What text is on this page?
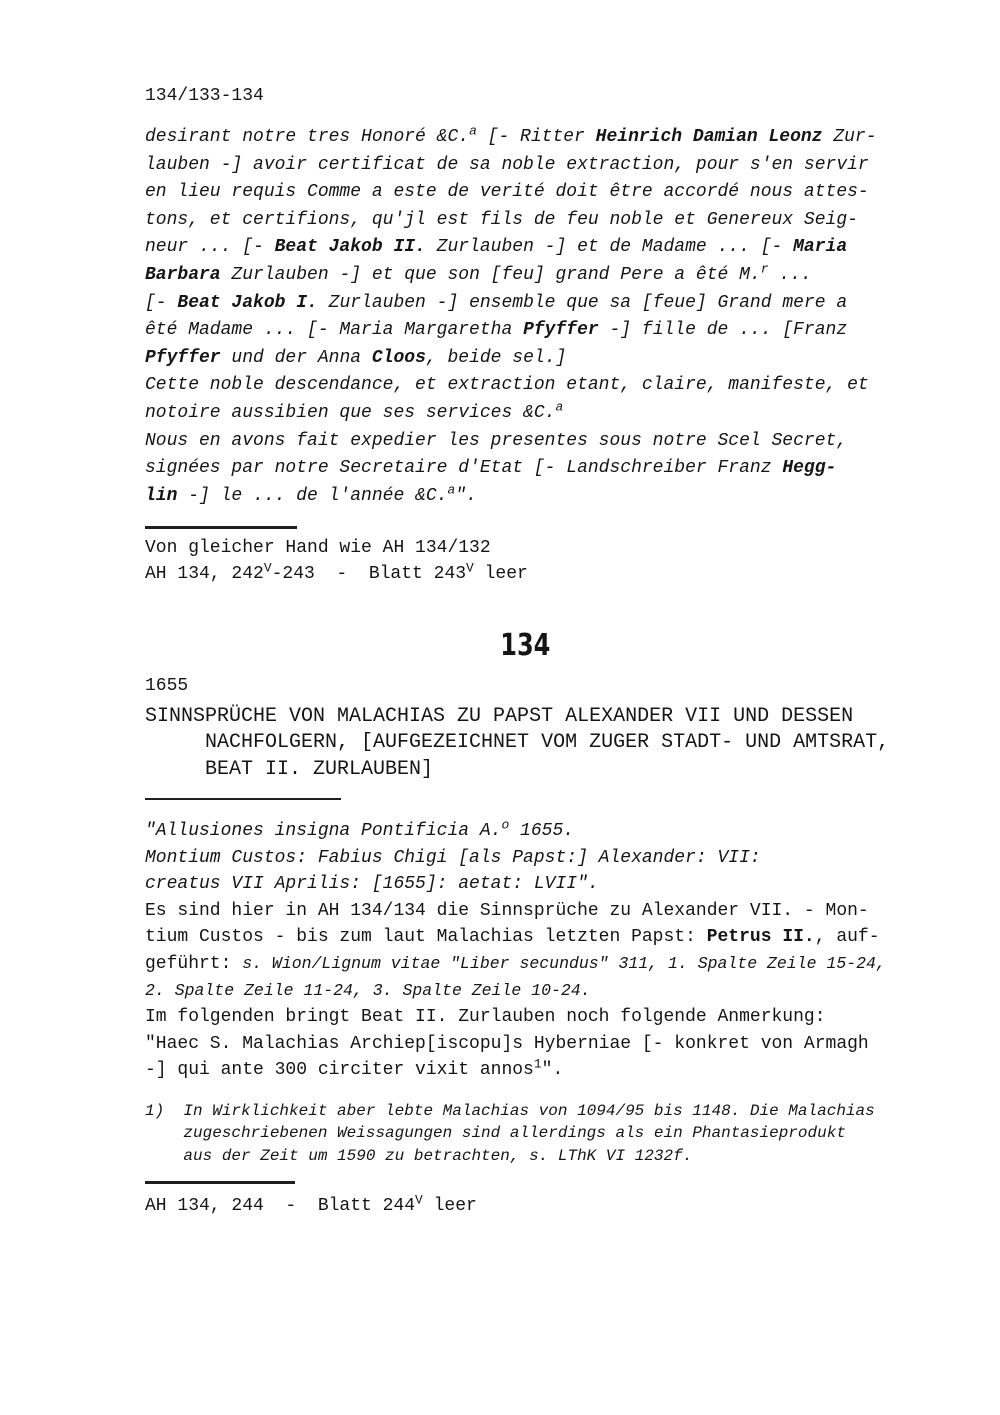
134/133-134
desirant notre tres Honoré &C.$^a$ [- Ritter Heinrich Damian Leonz Zur-
lauben -] avoir certificat de sa noble extraction, pour s'en servir
en lieu requis Comme a este de verité doit être accordé nous attes-
tons, et certifions, qu'jl est fils de feu noble et Genereux Seig-
neur ... [- Beat Jakob II. Zurlauben -] et de Madame ... [- Maria
Barbara Zurlauben -] et que son [feu] grand Pere a êté M.$^r$ ...
[- Beat Jakob I. Zurlauben -] ensemble que sa [feue] Grand mere a
êté Madame ... [- Maria Margaretha Pfyffer -] fille de ... [Franz
Pfyffer und der Anna Cloos, beide sel.]
Cette noble descendance, et extraction etant, claire, manifeste, et
notoire aussibien que ses services &C.$^a$
Nous en avons fait expedier les presentes sous notre Scel Secret,
signées par notre Secretaire d'Etat [- Landschreiber Franz Hegg-
lin -] le ... de l'année &C.$^a$".
Von gleicher Hand wie AH 134/132
AH 134, $242^V-243$  -  Blatt $243^V$ leer
134
1655
SINNSPRÜCHE VON MALACHIAS ZU PAPST ALEXANDER VII UND DESSEN
NACHFOLGERN, [AUFGEZEICHNET VOM ZUGER STADT- UND AMTSRAT,
BEAT II. ZURLAUBEN]
"Allusiones insigna Pontificia A.$^o$ 1655.
Montium Custos: Fabius Chigi [als Papst:] Alexander: VII:
creatus VII Aprilis: [1655]: aetat: LVII".
Es sind hier in AH 134/134 die Sinnsprüche zu Alexander VII. - Mon-
tium Custos - bis zum laut Malachias letzten Papst: Petrus II., auf-
geführt: s. Wion/Lignum vitae "Liber secundus" 311, 1. Spalte Zeile 15-24,
2. Spalte Zeile 11-24, 3. Spalte Zeile 10-24.
Im folgenden bringt Beat II. Zurlauben noch folgende Anmerkung:
"Haec S. Malachias Archiep[iscopu]s Hyberniae [- konkret von Armagh
-] qui ante 300 circiter vixit annos$^1$".
1)  In Wirklichkeit aber lebte Malachias von 1094/95 bis 1148. Die Malachias
zugeschriebenen Weissagungen sind allerdings als ein Phantasieprodukt
aus der Zeit um 1590 zu betrachten, s. LThK VI 1232f.
AH 134, 244  -  Blatt $244^V$ leer
